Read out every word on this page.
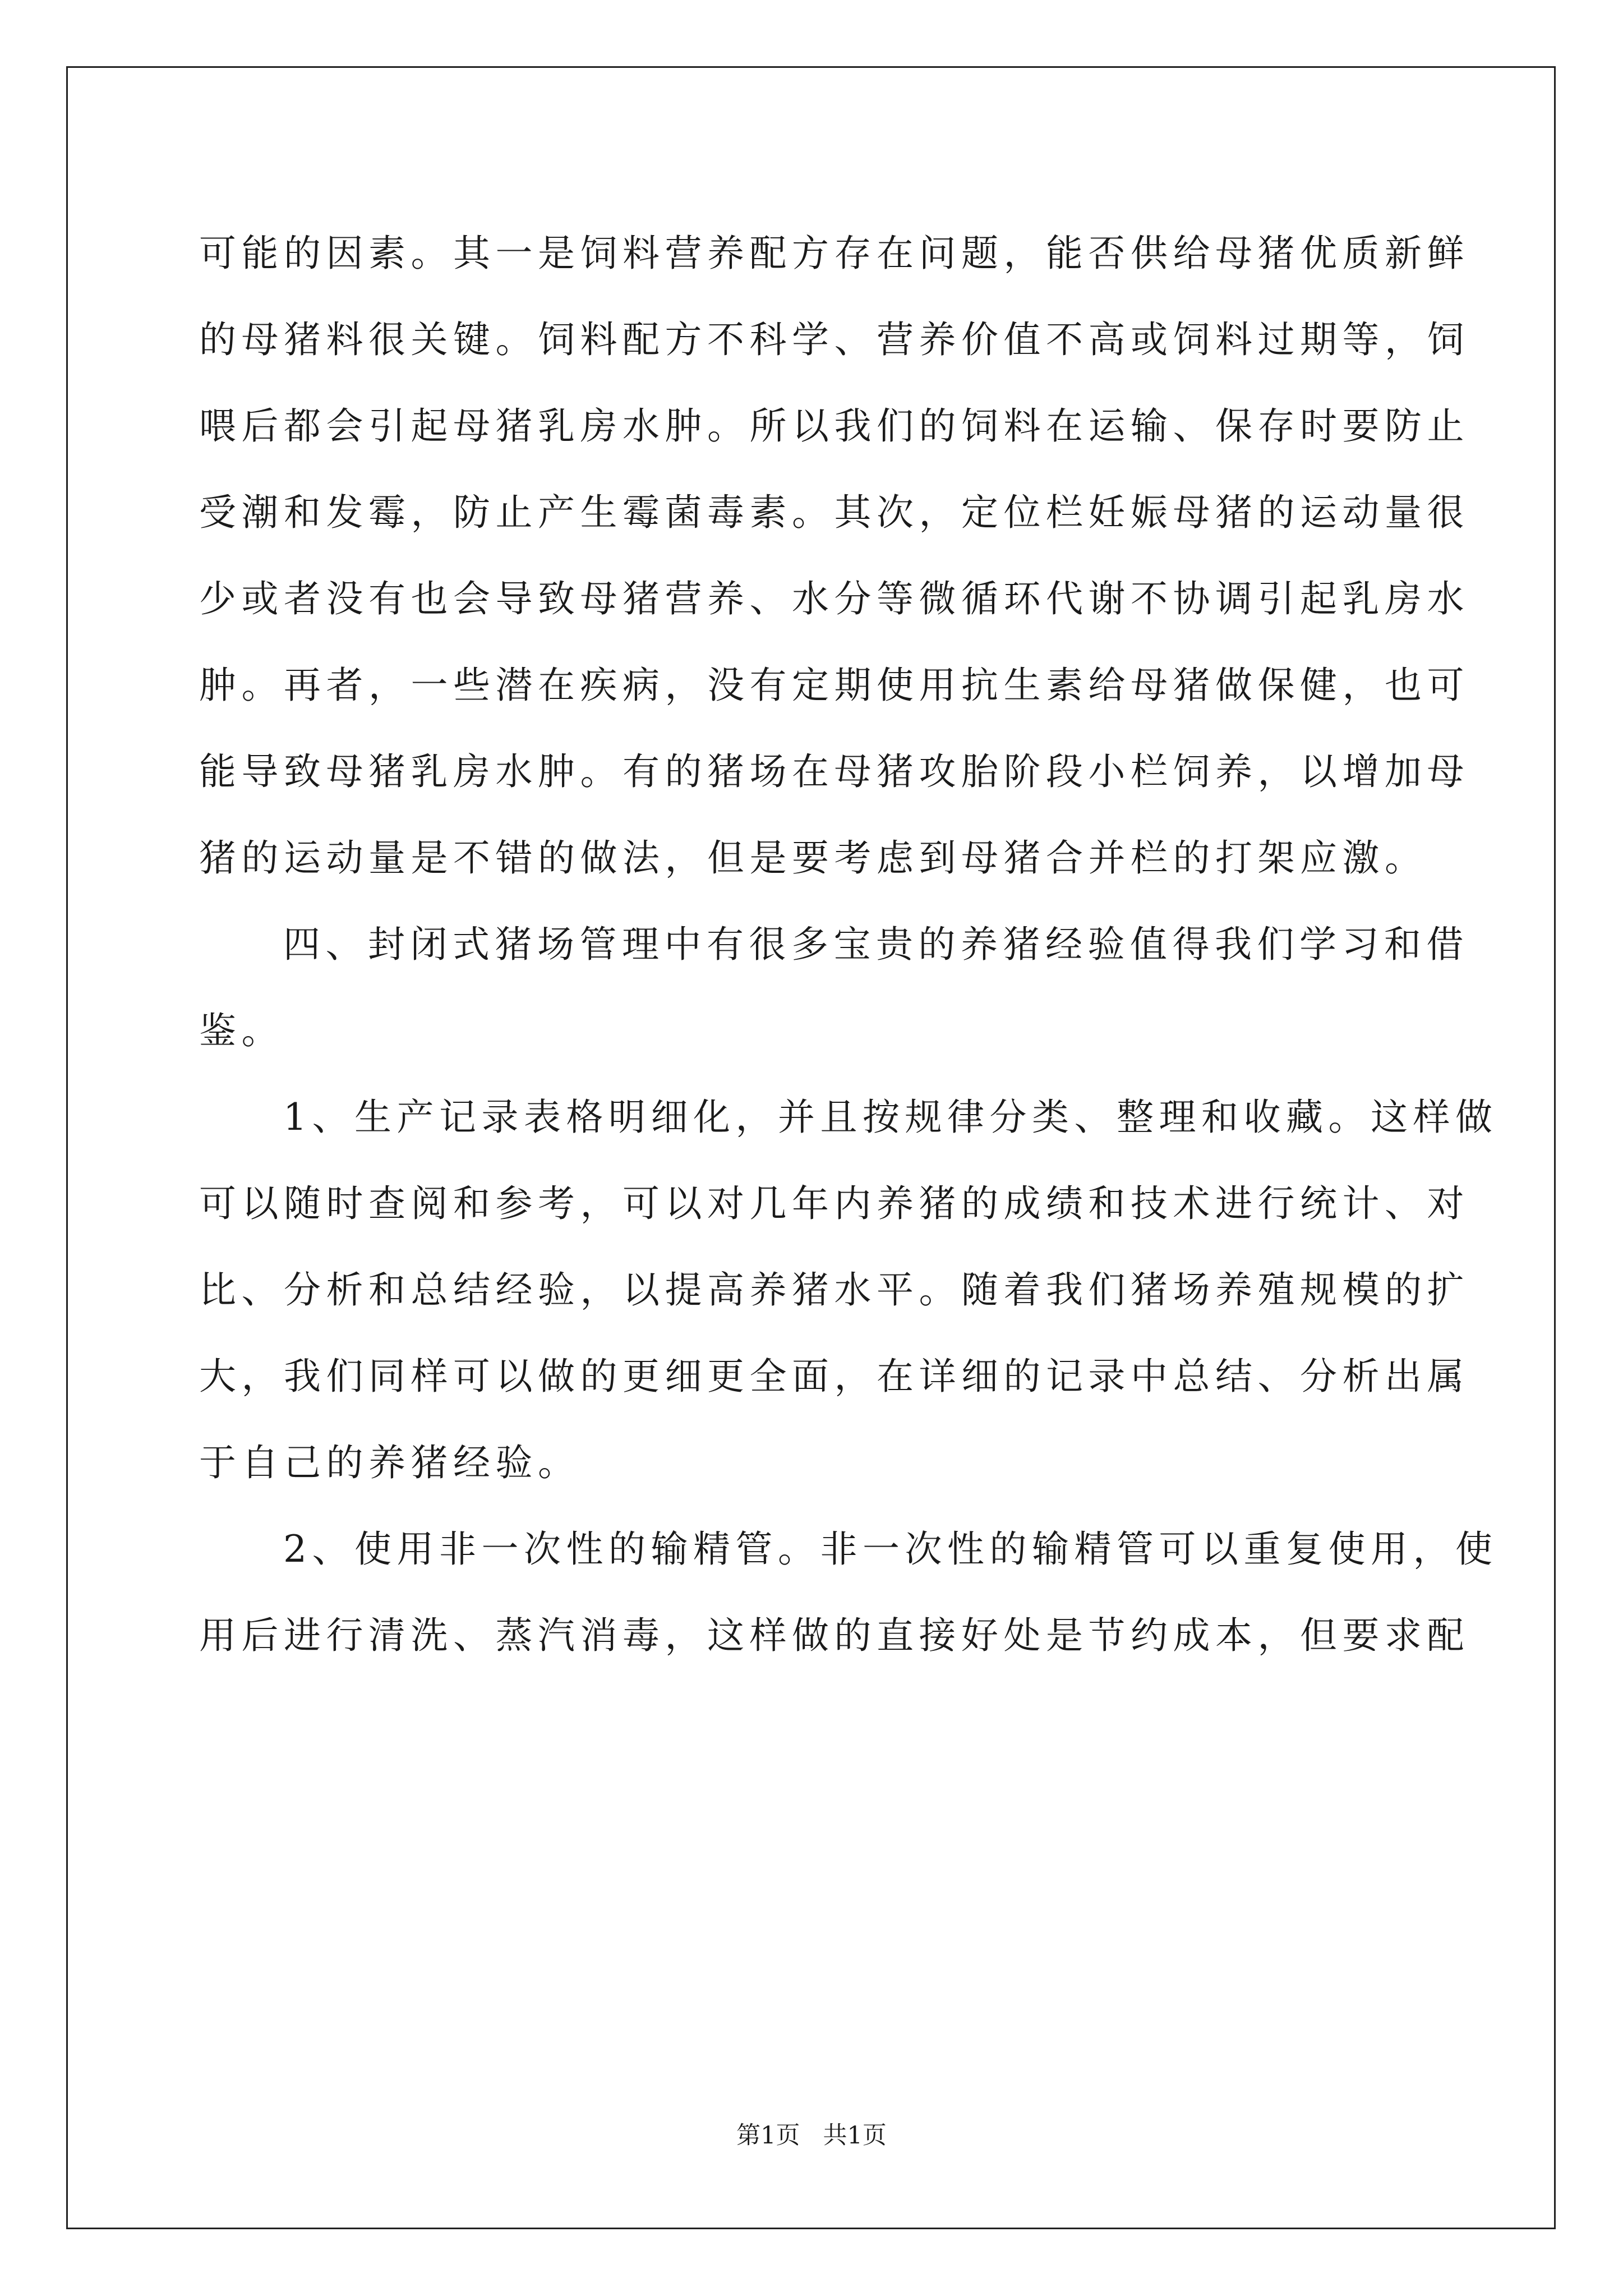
可能的因素。其一是饲料营养配方存在问题，能否供给母猪优质新鲜
的母猪料很关键。饲料配方不科学、营养价值不高或饲料过期等，饲
喂后都会引起母猪乳房水肿。所以我们的饲料在运输、保存时要防止
受潮和发霉，防止产生霉菌毒素。其次，定位栏妊娠母猪的运动量很
少或者没有也会导致母猪营养、水分等微循环代谢不协调引起乳房水
肿。再者，一些潜在疾病，没有定期使用抗生素给母猪做保健，也可
能导致母猪乳房水肿。有的猪场在母猪攻胎阶段小栏饲养，以增加母
猪的运动量是不错的做法，但是要考虑到母猪合并栏的打架应激。
四、封闭式猪场管理中有很多宝贵的养猪经验值得我们学习和借
鉴。
1、生产记录表格明细化，并且按规律分类、整理和收藏。这样做
可以随时查阅和参考，可以对几年内养猪的成绩和技术进行统计、对
比、分析和总结经验，以提高养猪水平。随着我们猪场养殖规模的扩
大，我们同样可以做的更细更全面，在详细的记录中总结、分析出属
于自己的养猪经验。
2、使用非一次性的输精管。非一次性的输精管可以重复使用，使
用后进行清洗、蒸汽消毒，这样做的直接好处是节约成本，但要求配
第1页   共1页
